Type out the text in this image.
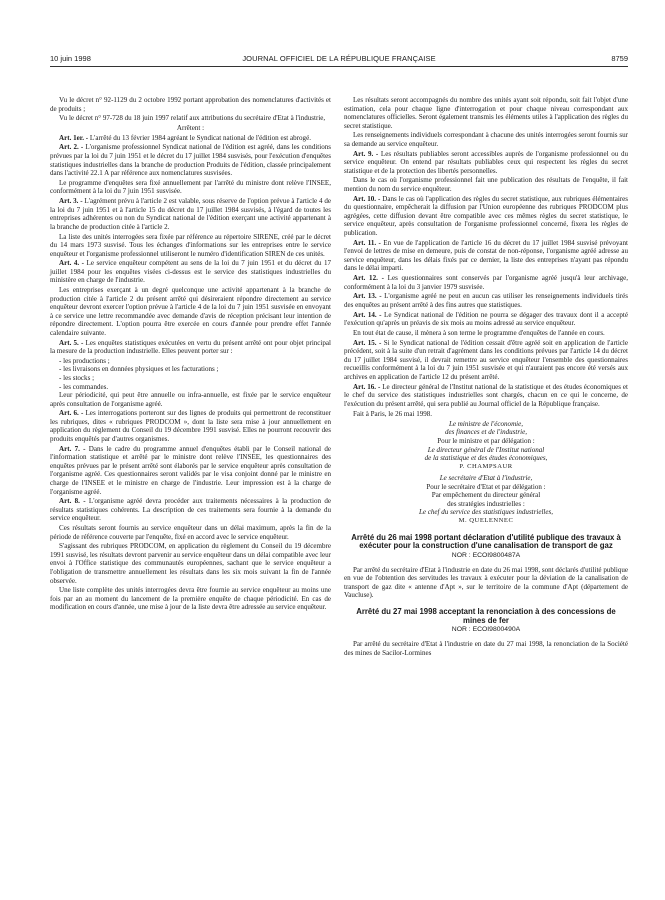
10 juin 1998	JOURNAL OFFICIEL DE LA RÉPUBLIQUE FRANÇAISE	8759

Vu le décret n° 92-1129 du 2 octobre 1992 portant approbation des nomenclatures d'activités et de produits ;

Vu le décret n° 97-728 du 18 juin 1997 relatif aux attributions du secrétaire d'Etat à l'industrie,

Arrêtent :

Art. 1er. - L'arrêté du 13 février 1984 agréant le Syndicat national de l'édition est abrogé.

Art. 2. - L'organisme professionnel Syndicat national de l'édition est agréé, dans les conditions prévues par la loi du 7 juin 1951 et le décret du 17 juillet 1984 susvisés, pour l'exécution d'enquêtes statistiques industrielles dans la branche de production Produits de l'édition, classée principalement dans l'activité 22.1 A par référence aux nomenclatures susvisées.

Le programme d'enquêtes sera fixé annuellement par l'arrêté du ministre dont relève l'INSEE, conformément à la loi du 7 juin 1951 susvisée.

Art. 3. - L'agrément prévu à l'article 2 est valable, sous réserve de l'option prévue à l'article 4 de la loi du 7 juin 1951 et à l'article 15 du décret du 17 juillet 1984 susvisés, à l'égard de toutes les entreprises adhérentes ou non du Syndicat national de l'édition exerçant une activité appartenant à la branche de production citée à l'article 2.

La liste des unités interrogées sera fixée par référence au répertoire SIRENE, créé par le décret du 14 mars 1973 susvisé. Tous les échanges d'informations sur les entreprises entre le service enquêteur et l'organisme professionnel utiliseront le numéro d'identification SIREN de ces unités.

Art. 4. - Le service enquêteur compétent au sens de la loi du 7 juin 1951 et du décret du 17 juillet 1984 pour les enquêtes visées ci-dessus est le service des statistiques industrielles du ministère en charge de l'industrie.

Les entreprises exerçant à un degré quelconque une activité appartenant à la branche de production citée à l'article 2 du présent arrêté qui désireraient répondre directement au service enquêteur devront exercer l'option prévue à l'article 4 de la loi du 7 juin 1951 susvisée en envoyant à ce service une lettre recommandée avec demande d'avis de réception précisant leur intention de répondre directement. L'option pourra être exercée en cours d'année pour prendre effet l'année calendaire suivante.

Art. 5. - Les enquêtes statistiques exécutées en vertu du présent arrêté ont pour objet principal la mesure de la production industrielle. Elles peuvent porter sur :

- les productions ;

- les livraisons en données physiques et les facturations ;

- les stocks ;

- les commandes.

Leur périodicité, qui peut être annuelle ou infra-annuelle, est fixée par le service enquêteur après consultation de l'organisme agréé.

Art. 6. - Les interrogations porteront sur des lignes de produits qui permettront de reconstituer les rubriques, dites « rubriques PRODCOM », dont la liste sera mise à jour annuellement en application du règlement du Conseil du 19 décembre 1991 susvisé. Elles ne pourront recouvrir des produits enquêtés par d'autres organismes.

Art. 7. - Dans le cadre du programme annuel d'enquêtes établi par le Conseil national de l'information statistique et arrêté par le ministre dont relève l'INSEE, les questionnaires des enquêtes prévues par le présent arrêté sont élaborés par le service enquêteur après consultation de l'organisme agréé. Ces questionnaires seront validés par le visa conjoint donné par le ministre en charge de l'INSEE et le ministre en charge de l'industrie. Leur impression est à la charge de l'organisme agréé.

Art. 8. - L'organisme agréé devra procéder aux traitements nécessaires à la production de résultats statistiques cohérents. La description de ces traitements sera fournie à la demande du service enquêteur.

Ces résultats seront fournis au service enquêteur dans un délai maximum, après la fin de la période de référence couverte par l'enquête, fixé en accord avec le service enquêteur.

S'agissant des rubriques PRODCOM, en application du règlement du Conseil du 19 décembre 1991 susvisé, les résultats devront parvenir au service enquêteur dans un délai compatible avec leur envoi à l'Office statistique des communautés européennes, sachant que le service enquêteur a l'obligation de transmettre annuellement les résultats dans les six mois suivant la fin de l'année observée.

Une liste complète des unités interrogées devra être fournie au service enquêteur au moins une fois par an au moment du lancement de la première enquête de chaque périodicité. En cas de modification en cours d'année, une mise à jour de la liste devra être adressée au service enquêteur.

Les résultats seront accompagnés du nombre des unités ayant soit répondu, soit fait l'objet d'une estimation, cela pour chaque ligne d'interrogation et pour chaque niveau correspondant aux nomenclatures officielles. Seront également transmis les éléments utiles à l'application des règles du secret statistique.

Les renseignements individuels correspondant à chacune des unités interrogées seront fournis sur sa demande au service enquêteur.

Art. 9. - Les résultats publiables seront accessibles auprès de l'organisme professionnel ou du service enquêteur. On entend par résultats publiables ceux qui respectent les règles du secret statistique et de la protection des libertés personnelles.

Dans le cas où l'organisme professionnel fait une publication des résultats de l'enquête, il fait mention du nom du service enquêteur.

Art. 10. - Dans le cas où l'application des règles du secret statistique, aux rubriques élémentaires du questionnaire, empêcherait la diffusion par l'Union européenne des rubriques PRODCOM plus agrégées, cette diffusion devant être compatible avec ces mêmes règles du secret statistique, le service enquêteur, après consultation de l'organisme professionnel concerné, fixera les règles de publication.

Art. 11. - En vue de l'application de l'article 16 du décret du 17 juillet 1984 susvisé prévoyant l'envoi de lettres de mise en demeure, puis de constat de non-réponse, l'organisme agréé adresse au service enquêteur, dans les délais fixés par ce dernier, la liste des entreprises n'ayant pas répondu dans le délai imparti.

Art. 12. - Les questionnaires sont conservés par l'organisme agréé jusqu'à leur archivage, conformément à la loi du 3 janvier 1979 susvisée.

Art. 13. - L'organisme agréé ne peut en aucun cas utiliser les renseignements individuels tirés des enquêtes au présent arrêté à des fins autres que statistiques.

Art. 14. - Le Syndicat national de l'édition ne pourra se dégager des travaux dont il a accepté l'exécution qu'après un préavis de six mois au moins adressé au service enquêteur.

En tout état de cause, il mènera à son terme le programme d'enquêtes de l'année en cours.

Art. 15. - Si le Syndicat national de l'édition cessait d'être agréé soit en application de l'article précédent, soit à la suite d'un retrait d'agrément dans les conditions prévues par l'article 14 du décret du 17 juillet 1984 susvisé, il devrait remettre au service enquêteur l'ensemble des questionnaires recueillis conformément à la loi du 7 juin 1951 susvisée et qui n'auraient pas encore été versés aux archives en application de l'article 12 du présent arrêté.

Art. 16. - Le directeur général de l'Institut national de la statistique et des études économiques et le chef du service des statistiques industrielles sont chargés, chacun en ce qui le concerne, de l'exécution du présent arrêté, qui sera publié au Journal officiel de la République française.

Fait à Paris, le 26 mai 1998.

Le ministre de l'économie,

des finances et de l'industrie,

Pour le ministre et par délégation :

Le directeur général de l'Institut national

de la statistique et des études économiques,

P. CHAMPSAUR

Le secrétaire d'Etat à l'industrie,

Pour le secrétaire d'Etat et par délégation :

Par empêchement du directeur général

des stratégies industrielles :

Le chef du service des statistiques industrielles,

M. QUELENNEC

Arrêté du 26 mai 1998 portant déclaration d'utilité publique des travaux à exécuter pour la construction d'une canalisation de transport de gaz

NOR : ECOI9800487A

Par arrêté du secrétaire d'Etat à l'industrie en date du 26 mai 1998, sont déclarés d'utilité publique en vue de l'obtention des servitudes les travaux à exécuter pour la déviation de la canalisation de transport de gaz dite « antenne d'Apt », sur le territoire de la commune d'Apt (département de Vaucluse).

Arrêté du 27 mai 1998 acceptant la renonciation à des concessions de mines de fer

NOR : ECOI9800490A

Par arrêté du secrétaire d'Etat à l'industrie en date du 27 mai 1998, la renonciation de la Société des mines de Sacilor-Lormines
